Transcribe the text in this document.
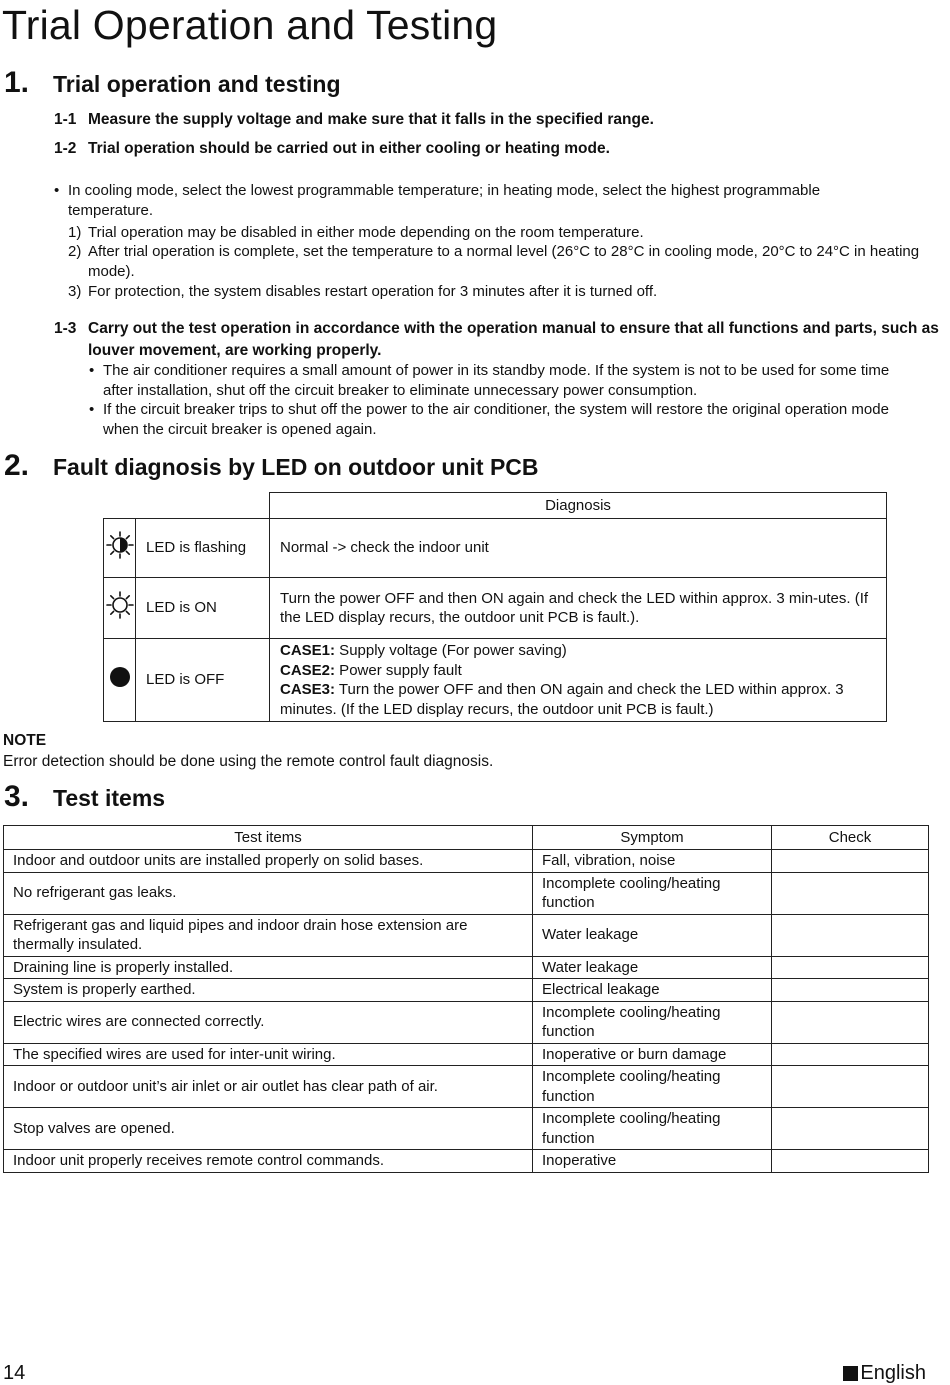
Trial Operation and Testing
1. Trial operation and testing
1-1 Measure the supply voltage and make sure that it falls in the specified range.
1-2 Trial operation should be carried out in either cooling or heating mode.
• In cooling mode, select the lowest programmable temperature; in heating mode, select the highest programmable temperature.
1) Trial operation may be disabled in either mode depending on the room temperature.
2) After trial operation is complete, set the temperature to a normal level (26°C to 28°C in cooling mode, 20°C to 24°C in heating mode).
3) For protection, the system disables restart operation for 3 minutes after it is turned off.
1-3 Carry out the test operation in accordance with the operation manual to ensure that all functions and parts, such as louver movement, are working properly.
• The air conditioner requires a small amount of power in its standby mode. If the system is not to be used for some time after installation, shut off the circuit breaker to eliminate unnecessary power consumption.
• If the circuit breaker trips to shut off the power to the air conditioner, the system will restore the original operation mode when the circuit breaker is opened again.
2. Fault diagnosis by LED on outdoor unit PCB
		Diagnosis
	LED is flashing	Normal -> check the indoor unit
	LED is ON	Turn the power OFF and then ON again and check the LED within approx. 3 min-utes. (If the LED display recurs, the outdoor unit PCB is fault.).
	LED is OFF	CASE1: Supply voltage (For power saving)
CASE2: Power supply fault
CASE3: Turn the power OFF and then ON again and check the LED within approx. 3 minutes. (If the LED display recurs, the outdoor unit PCB is fault.)
NOTE
Error detection should be done using the remote control fault diagnosis.
3. Test items
Test items	Symptom	Check
Indoor and outdoor units are installed properly on solid bases.	Fall, vibration, noise	
No refrigerant gas leaks.	Incomplete cooling/heating function	
Refrigerant gas and liquid pipes and indoor drain hose extension are thermally insulated.	Water leakage	
Draining line is properly installed.	Water leakage	
System is properly earthed.	Electrical leakage	
Electric wires are connected correctly.	Incomplete cooling/heating function	
The specified wires are used for inter-unit wiring.	Inoperative or burn damage	
Indoor or outdoor unit’s air inlet or air outlet has clear path of air.	Incomplete cooling/heating function	
Stop valves are opened.	Incomplete cooling/heating function	
Indoor unit properly receives remote control commands.	Inoperative	
14	English
